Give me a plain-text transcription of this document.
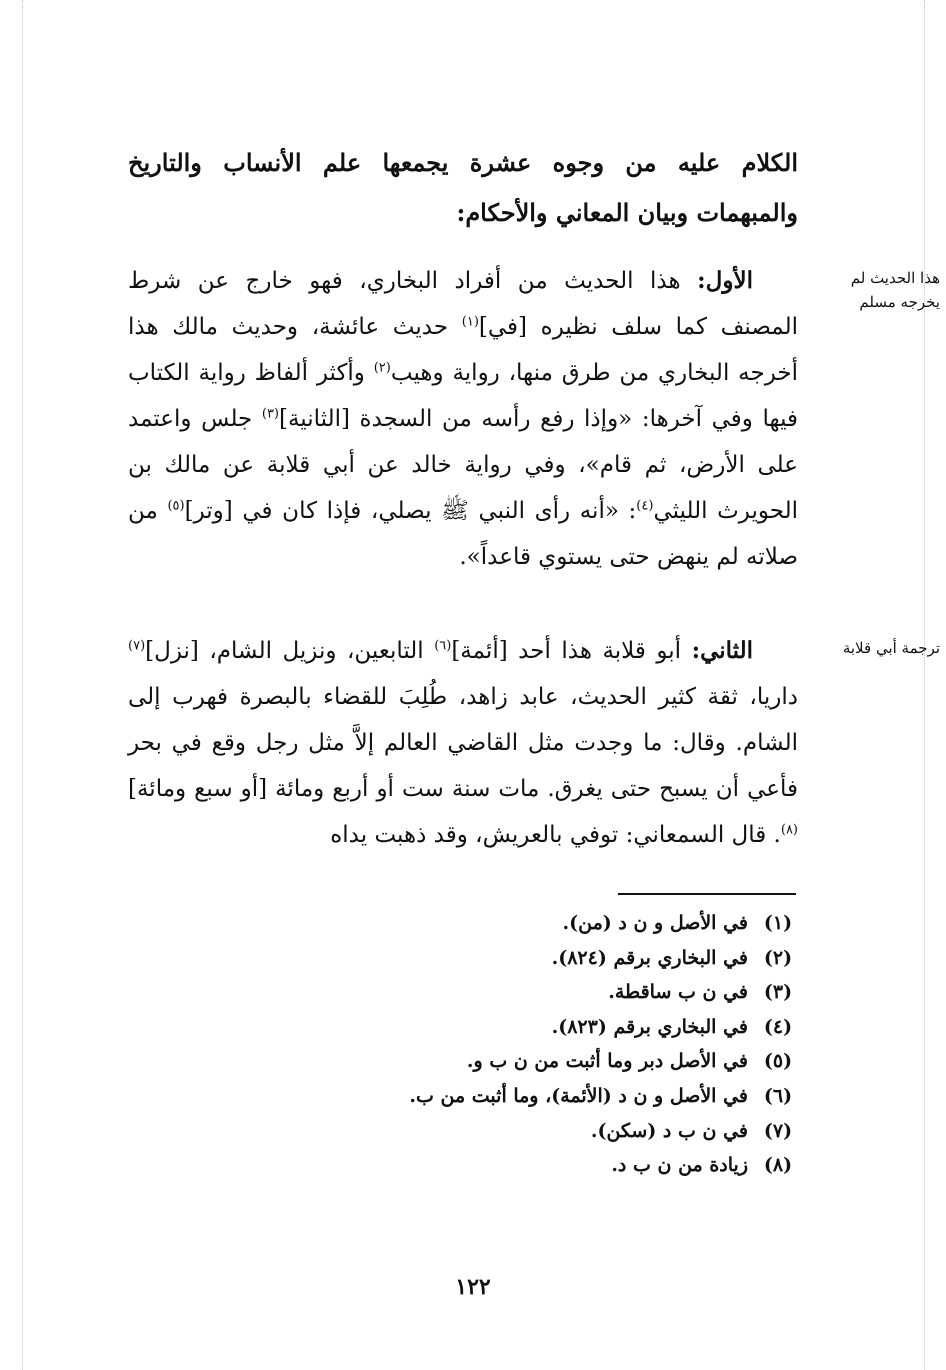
الكلام عليه من وجوه عشرة يجمعها علم الأنساب والتاريخ والمبهمات وبيان المعاني والأحكام:

الأول: هذا الحديث من أفراد البخاري، فهو خارج عن شرط المصنف كما سلف نظيره [في]$^{(١)}$ حديث عائشة، وحديث مالك هذا أخرجه البخاري من طرق منها، رواية وهيب$^{(٢)}$ وأكثر ألفاظ رواية الكتاب فيها وفي آخرها: «وإذا رفع رأسه من السجدة [الثانية]$^{(٣)}$ جلس واعتمد على الأرض، ثم قام»، وفي رواية خالد عن أبي قلابة عن مالك بن الحويرث الليثي$^{(٤)}$: «أنه رأى النبي ﷺ يصلي، فإذا كان في [وتر]$^{(٥)}$ من صلاته لم ينهض حتى يستوي قاعداً».

هذا الحديث لم يخرجه مسلم

الثاني: أبو قلابة هذا أحد [أئمة]$^{(٦)}$ التابعين، ونزيل الشام، [نزل]$^{(٧)}$ داريا، ثقة كثير الحديث، عابد زاهد، طُلِبَ للقضاء بالبصرة فهرب إلى الشام. وقال: ما وجدت مثل القاضي العالم إلاَّ مثل رجل وقع في بحر فأعي أن يسبح حتى يغرق. مات سنة ست أو أربع ومائة [أو سبع ومائة]$^{(٨)}$. قال السمعاني: توفي بالعريش، وقد ذهبت يداه

ترجمة أبي قلابة
(١)
في الأصل و ن د (من).
(٢)
في البخاري برقم (٨٢٤).
(٣)
في ن ب ساقطة.
(٤)
في البخاري برقم (٨٢٣).
(٥)
في الأصل دبر وما أثبت من ن ب و.
(٦)
في الأصل و ن د (الأئمة)، وما أثبت من ب.
(٧)
في ن ب د (سكن).
(٨)
زيادة من ن ب د.
١٢٢
